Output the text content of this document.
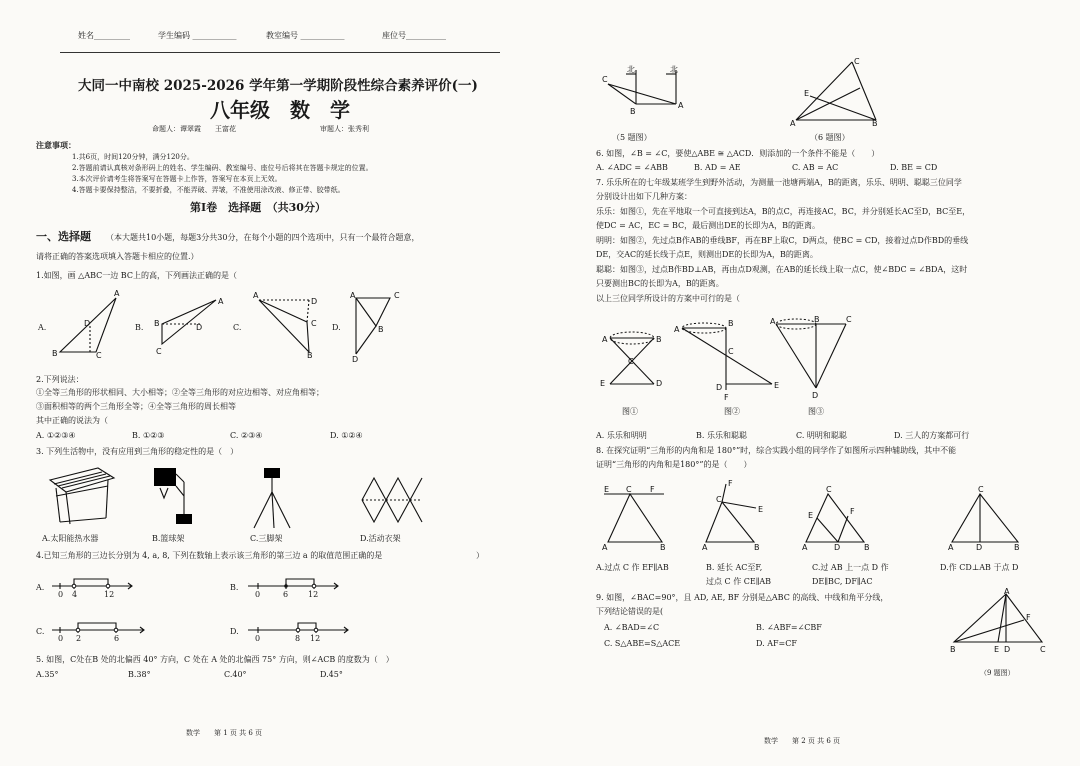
姓名_________	学生编码 ___________	教室编号 ___________	座位号__________
大同一中南校 2025-2026 学年第一学期阶段性综合素养评价(一)
八年级　数　学
命题人：谭翠霞　　王富花	审题人：张秀利
注意事项：
1.共6页，时间120分钟，满分120分。
2.答题前请认真核对条形码上的姓名、学生编码、教室编号、座位号后将其在答题卡规定的位置。
3.本次评价请考生将答案写在答题卡上作答，答案写在本页上无效。
4.答题卡要保持整洁，不要折叠，不能弄破、弄皱，不准使用涂改液、修正带、胶带纸。
第Ⅰ卷　选择题　（共30分）
一、选择题 （本大题共10小题，每题3分共30分，在每个小题的四个选项中，只有一个最符合题意，
请将正确的答案选项填入答题卡相应的位置.）
1.如图，画 △ABC一边 BC上的高，下列画法正确的是（
A.	B.	C.	D.
A
B	C
D
A
B
C
D
A
D
C
B
A	C
B
D
2.下列说法：
①全等三角形的形状相同、大小相等；②全等三角形的对应边相等、对应角相等；
③面积相等的两个三角形全等；④全等三角形的周长相等
其中正确的说法为（
A. ①②③④	B. ①②③	C. ②③④	D. ①②④
3. 下列生活物中，没有应用到三角形的稳定性的是（　）
A.太阳能热水器	B.篮球架	C.三脚架	D.活动衣架
4.已知三角形的三边长分别为 4, a, 8, 下列在数轴上表示该三角形的第三边 a 的取值范围正确的是	）
A.
0 4	12
B.
0	6 12
C.
0 2	6
D.
0	8 12
5. 如图，C处在B 处的北偏西 40° 方向，C 处在 A 处的北偏西 75° 方向，则∠ACB 的度数为（　）
A.35°	B.38°	C.40°	D.45°
数学　　第 1 页 共 6 页
C
B
A
北	北
（5 题图）
C
E
A	B
（6 题图）
6. 如图，∠B = ∠C，要使△ABE ≅ △ACD．则添加的一个条件不能是（　　）
A. ∠ADC = ∠ABB	B. AD = AE	C. AB = AC	D. BE = CD
7. 乐乐所在的七年级某班学生到野外活动，为测量一池塘两端A，B的距离，乐乐、明明、聪聪三位同学
分别设计出如下几种方案：
乐乐：如图①，先在平地取一个可直接到达A，B的点C，再连接AC，BC，并分别延长AC至D，BC至E，
使DC = AC，EC = BC，最后测出DE的长即为A，B的距离。
明明：如图②，先过点B作AB的垂线BF，再在BF上取C，D两点，使BC = CD，接着过点D作BD的垂线
DE，交AC的延长线于点E，则测出DE的长即为A，B的距离。
聪聪：如图③，过点B作BD⊥AB，再由点D观测，在AB的延长线上取一点C，使∠BDC = ∠BDA，这时
只要测出BC的长即为A，B的距离。
以上三位同学所设计的方案中可行的是（
A	B
C
E	D
图①
A
B
C
D	E
F
图②
A	B	C
D
图③
A. 乐乐和明明	B. 乐乐和聪聪	C. 明明和聪聪	D. 三人的方案都可行
8. 在探究证明“三角形的内角和是 180°”时，综合实践小组的同学作了如图所示四种辅助线，其中不能
证明“三角形的内角和是180°”的是（　　）
E C F
A	B
F
C
E
A	B
C
E	F
A	D	B
C
A	D	B
A.过点 C 作 EF∥AB	B. 延长 AC至F,	C.过 AB 上一点 D 作	D.作 CD⊥AB 于点 D
过点 C 作 CE∥AB	DE∥BC, DF∥AC
9. 如图，∠BAC=90°，且 AD, AE, BF 分别是△ABC 的高线、中线和角平分线，
下列结论错误的是(
A. ∠BAD=∠C	B. ∠ABF=∠CBF
C. S△ABE=S△ACE	D. AF=CF
A
F
B	E D	C
（9 题图）
数学　　第 2 页 共 6 页
